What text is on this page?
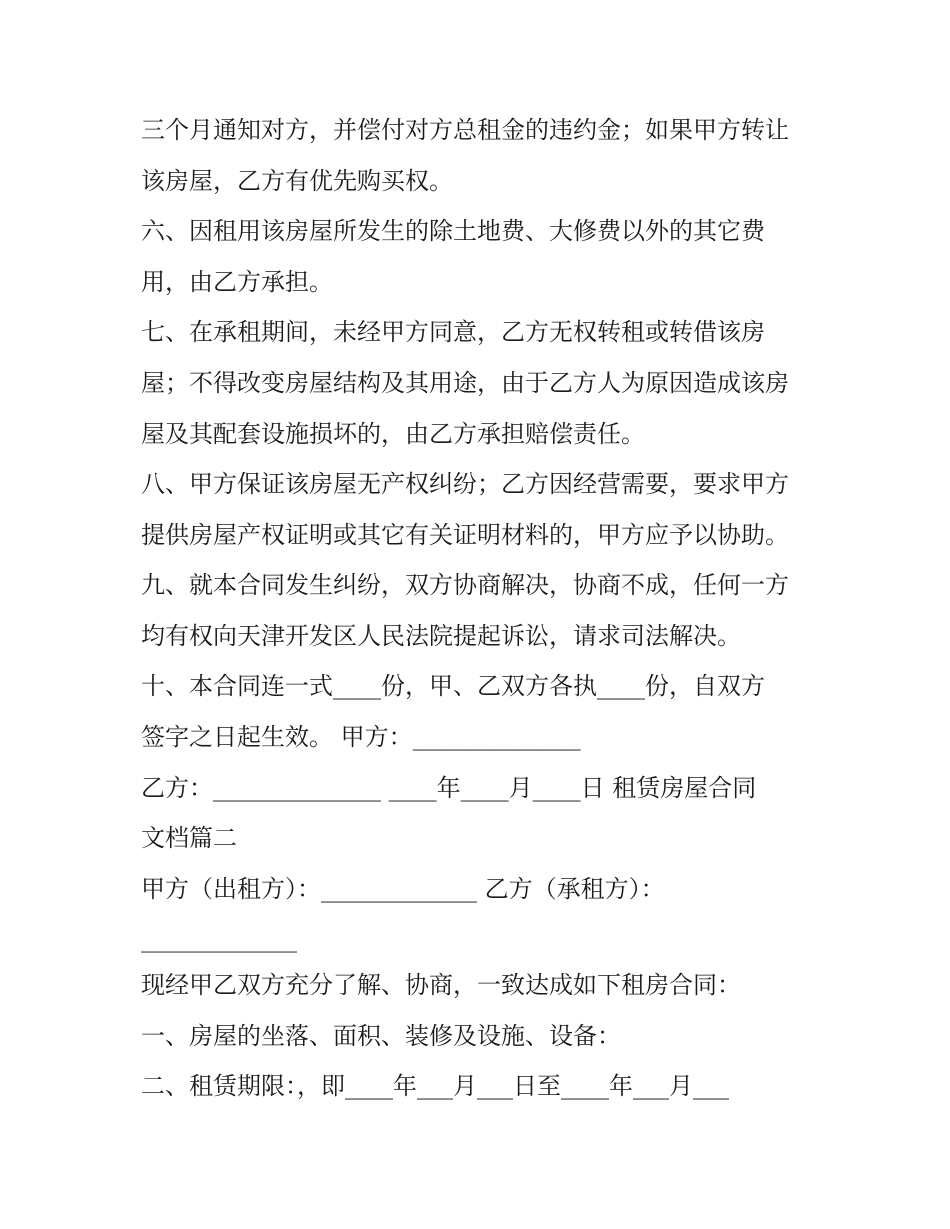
三个月通知对方，并偿付对方总租金的违约金；如果甲方转让
该房屋，乙方有优先购买权。
六、因租用该房屋所发生的除土地费、大修费以外的其它费
用，由乙方承担。
七、在承租期间，未经甲方同意，乙方无权转租或转借该房
屋；不得改变房屋结构及其用途，由于乙方人为原因造成该房
屋及其配套设施损坏的，由乙方承担赔偿责任。
八、甲方保证该房屋无产权纠纷；乙方因经营需要，要求甲方
提供房屋产权证明或其它有关证明材料的，甲方应予以协助。
九、就本合同发生纠纷，双方协商解决，协商不成，任何一方
均有权向天津开发区人民法院提起诉讼，请求司法解决。
十、本合同连一式____份，甲、乙双方各执____份，自双方
签字之日起生效。 甲方：______________
乙方：______________ ____年____月____日 租赁房屋合同
文档篇二
甲方（出租方）：_____________ 乙方（承租方）：
_____________
现经甲乙双方充分了解、协商，一致达成如下租房合同：
一、房屋的坐落、面积、装修及设施、设备：
二、租赁期限：，即____年___月___日至____年___月___
